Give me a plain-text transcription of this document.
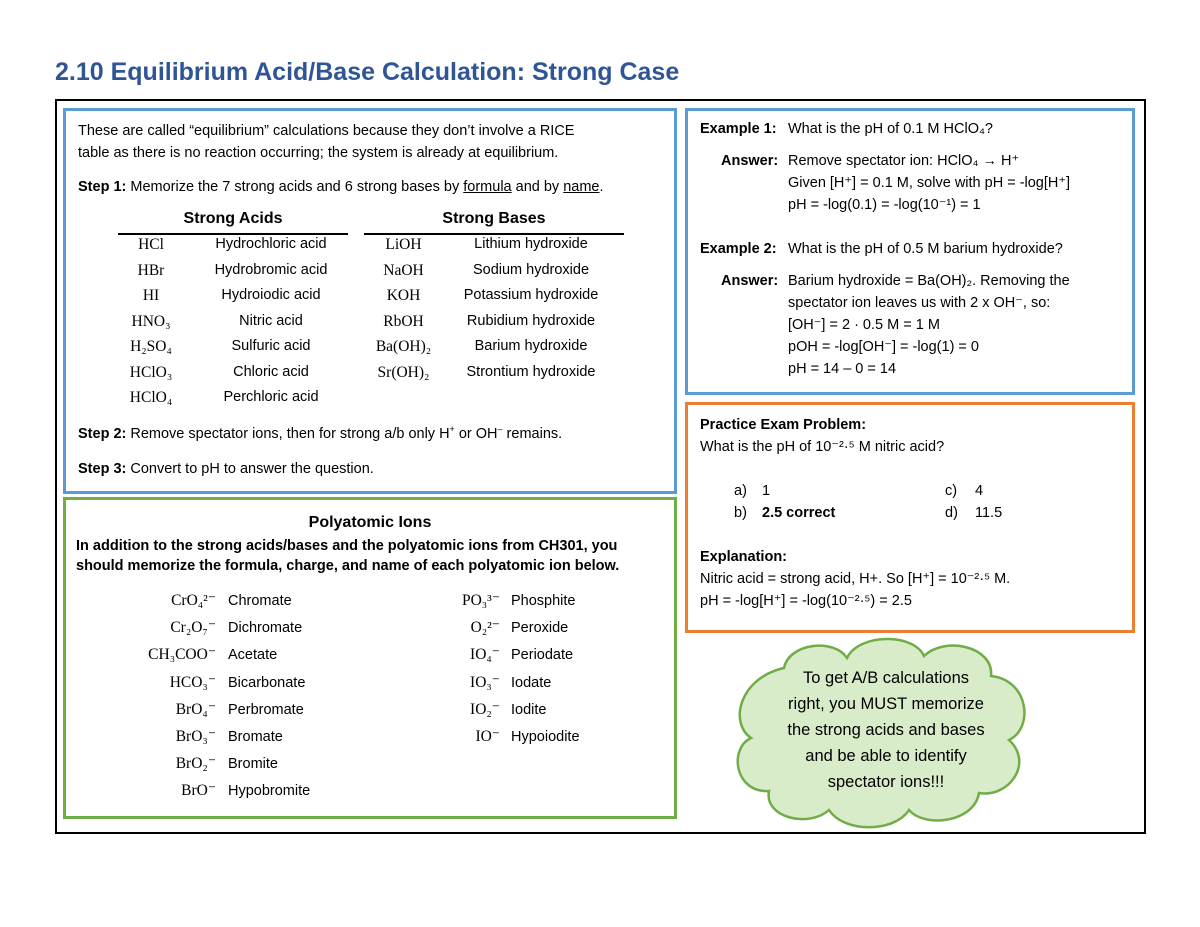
2.10 Equilibrium Acid/Base Calculation: Strong Case
These are called “equilibrium” calculations because they don’t involve a RICE
table as there is no reaction occurring; the system is already at equilibrium.
Step 1: Memorize the 7 strong acids and 6 strong bases by formula and by name.
Strong Acids	Strong Bases
HCl	Hydrochloric acid
HBr	Hydrobromic acid
HI	Hydroiodic acid
HNO₃	Nitric acid
H₂SO₄	Sulfuric acid
HClO₃	Chloric acid
HClO₄	Perchloric acid
LiOH	Lithium hydroxide
NaOH	Sodium hydroxide
KOH	Potassium hydroxide
RbOH	Rubidium hydroxide
Ba(OH)₂	Barium hydroxide
Sr(OH)₂	Strontium hydroxide
Step 2: Remove spectator ions, then for strong a/b only H+ or OH– remains.
Step 3: Convert to pH to answer the question.
Polyatomic Ions
In addition to the strong acids/bases and the polyatomic ions from CH301, you
should memorize the formula, charge, and name of each polyatomic ion below.
CrO₄²⁻ Chromate
Cr₂O₇⁻ Dichromate
CH₃COO⁻ Acetate
HCO₃⁻ Bicarbonate
BrO₄⁻ Perbromate
BrO₃⁻ Bromate
BrO₂⁻ Bromite
BrO⁻ Hypobromite
PO₃³⁻ Phosphite
O₂²⁻ Peroxide
IO₄⁻ Periodate
IO₃⁻ Iodate
IO₂⁻ Iodite
IO⁻ Hypoiodite
Example 1: What is the pH of 0.1 M HClO₄?
Answer: Remove spectator ion: HClO₄ → H⁺
Given [H⁺] = 0.1 M, solve with pH = -log[H⁺]
pH = -log(0.1) = -log(10⁻¹) = 1
Example 2: What is the pH of 0.5 M barium hydroxide?
Answer: Barium hydroxide = Ba(OH)₂. Removing the
spectator ion leaves us with 2 x OH⁻, so:
[OH⁻] = 2 · 0.5 M = 1 M
pOH = -log[OH⁻] = -log(1) = 0
pH = 14 – 0 = 14
Practice Exam Problem:
What is the pH of 10⁻²·⁵ M nitric acid?
a) 1
b) 2.5 correct
c) 4
d) 11.5
Explanation:
Nitric acid = strong acid, H+. So [H⁺] = 10⁻²·⁵ M.
pH = -log[H⁺] = -log(10⁻²·⁵) = 2.5
To get A/B calculations
right, you MUST memorize
the strong acids and bases
and be able to identify
spectator ions!!!
